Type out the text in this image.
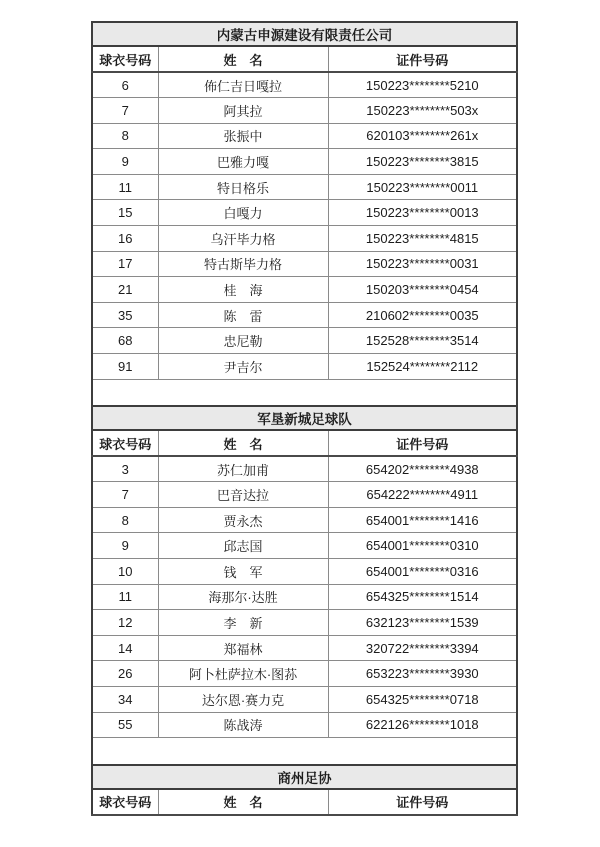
内蒙古申源建设有限责任公司		
球衣号码	姓　名	证件号码
6	佈仁吉日嘎拉	150223********5210
7	阿其拉	150223********503x
8	张振中	620103********261x
9	巴雅力嘎	150223********3815
11	特日格乐	150223********0011
15	白嘎力	150223********0013
16	乌汗毕力格	150223********4815
17	特古斯毕力格	150223********0031
21	桂　海	150203********0454
35	陈　雷	210602********0035
68	忠尼勒	152528********3514
91	尹吉尔	152524********2112

军垦新城足球队		
球衣号码	姓　名	证件号码
3	苏仁加甫	654202********4938
7	巴音达拉	654222********4911
8	贾永杰	654001********1416
9	邱志国	654001********0310
10	钱　军	654001********0316
11	海那尔·达胜	654325********1514
12	李　新	632123********1539
14	郑福林	320722********3394
26	阿卜杜萨拉木·图荪	653223********3930
34	达尔恩·赛力克	654325********0718
55	陈战涛	622126********1018

商州足协		
球衣号码	姓　名	证件号码
